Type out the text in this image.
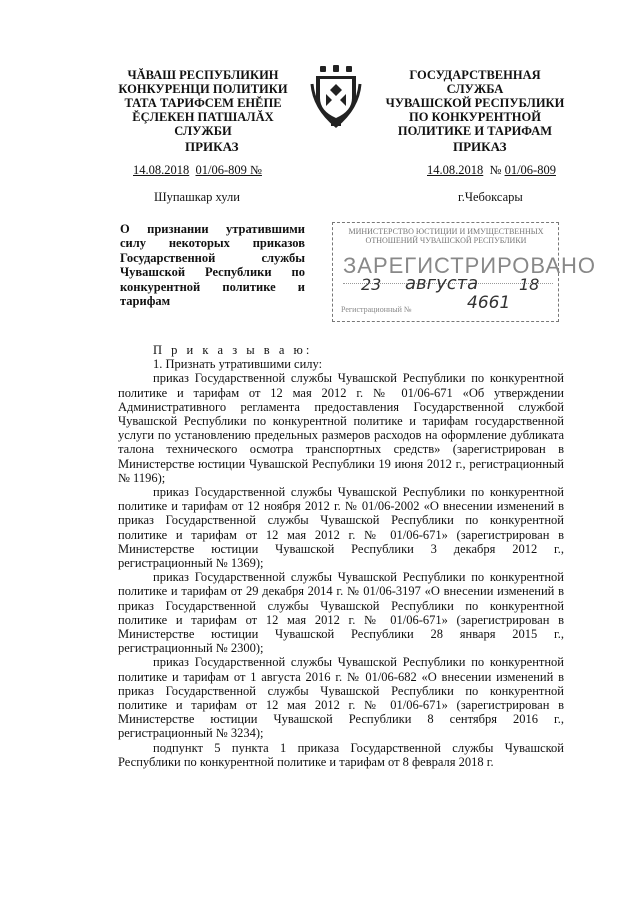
ЧĂВАШ РЕСПУБЛИКИН
КОНКУРЕНЦИ ПОЛИТИКИ
ТАТА ТАРИФСЕМ ЕНĔПЕ
ĔÇЛЕКЕН ПАТШАЛĂХ СЛУЖБИ
ГОСУДАРСТВЕННАЯ СЛУЖБА
ЧУВАШСКОЙ РЕСПУБЛИКИ
ПО КОНКУРЕНТНОЙ
ПОЛИТИКЕ И ТАРИФАМ
ПРИКАЗ	ПРИКАЗ
14.08.2018 01/06-809 №	14.08.2018 № 01/06-809
Шупашкар хули	г.Чебоксары
О признании утратившими силу некоторых приказов Государственной службы Чувашской Республики по конкурентной политике и тарифам
МИНИСТЕРСТВО ЮСТИЦИИ И ИМУЩЕСТВЕННЫХ
ОТНОШЕНИЙ ЧУВАШСКОЙ РЕСПУБЛИКИ
ЗАРЕГИСТРИРОВАНО
23 августа	18
4661
Регистрационный №

П р и к а з ы в а ю:

1. Признать утратившими силу:

приказ Государственной службы Чувашской Республики по конкурентной политике и тарифам от 12 мая 2012 г. № 01/06-671 «Об утверждении Административного регламента предоставления Государственной службой Чувашской Республики по конкурентной политике и тарифам государственной услуги по установлению предельных размеров расходов на оформление дубликата талона технического осмотра транспортных средств» (зарегистрирован в Министерстве юстиции Чувашской Республики 19 июня 2012 г., регистрационный № 1196);

приказ Государственной службы Чувашской Республики по конкурентной политике и тарифам от 12 ноября 2012 г. № 01/06-2002 «О внесении изменений в приказ Государственной службы Чувашской Республики по конкурентной политике и тарифам от 12 мая 2012 г. № 01/06-671» (зарегистрирован в Министерстве юстиции Чувашской Республики 3 декабря 2012 г., регистрационный № 1369);

приказ Государственной службы Чувашской Республики по конкурентной политике и тарифам от 29 декабря 2014 г. № 01/06-3197 «О внесении изменений в приказ Государственной службы Чувашской Республики по конкурентной политике и тарифам от 12 мая 2012 г. № 01/06-671» (зарегистрирован в Министерстве юстиции Чувашской Республики 28 января 2015 г., регистрационный № 2300);

приказ Государственной службы Чувашской Республики по конкурентной политике и тарифам от 1 августа 2016 г. № 01/06-682 «О внесении изменений в приказ Государственной службы Чувашской Республики по конкурентной политике и тарифам от 12 мая 2012 г. № 01/06-671» (зарегистрирован в Министерстве юстиции Чувашской Республики 8 сентября 2016 г., регистрационный № 3234);

подпункт 5 пункта 1 приказа Государственной службы Чувашской Республики по конкурентной политике и тарифам от 8 февраля 2018 г.
